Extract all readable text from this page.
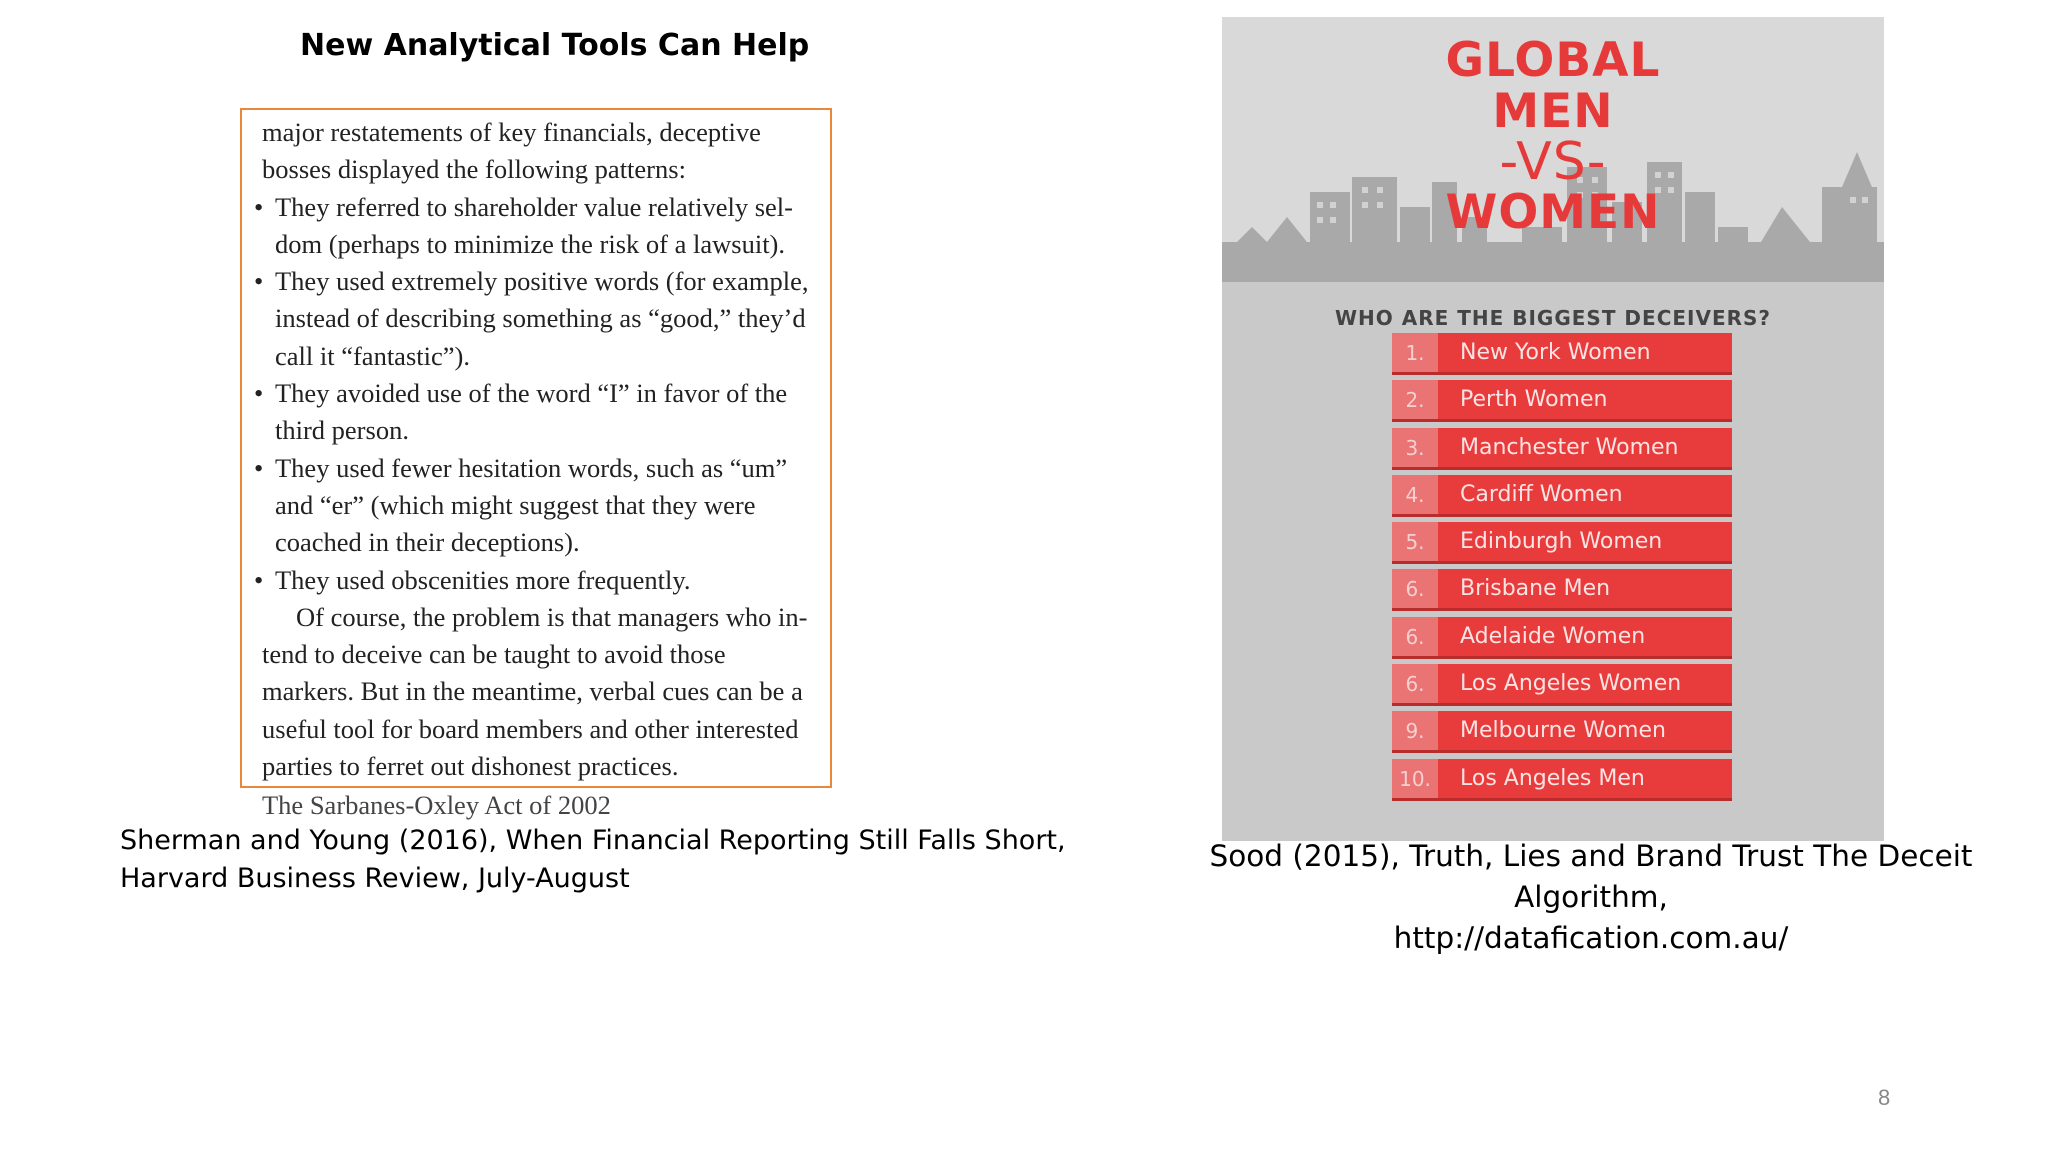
New Analytical Tools Can Help

major restatements of key financials, deceptive bosses displayed the following patterns:

• They referred to shareholder value relatively sel-dom (perhaps to minimize the risk of a lawsuit).
• They used extremely positive words (for example, instead of describing something as “good,” they’d call it “fantastic”).
• They avoided use of the word “I” in favor of the third person.
• They used fewer hesitation words, such as “um” and “er” (which might suggest that they were coached in their deceptions).
• They used obscenities more frequently.

Of course, the problem is that managers who in-tend to deceive can be taught to avoid those markers. But in the meantime, verbal cues can be a useful tool for board members and other interested parties to ferret out dishonest practices.

The Sarbanes-Oxley Act of 2002
Sherman and Young (2016), When Financial Reporting Still Falls Short,
Harvard Business Review, July-August
GLOBAL
MEN
-VS-
WOMEN
WHO ARE THE BIGGEST DECEIVERS?
1.	New York Women
2.	Perth Women
3.	Manchester Women
4.	Cardiff Women
5.	Edinburgh Women
6.	Brisbane Men
6.	Adelaide Women
6.	Los Angeles Women
9.	Melbourne Women
10.	Los Angeles Men
Sood (2015), Truth, Lies and Brand Trust The Deceit Algorithm,
http://datafication.com.au/
8
